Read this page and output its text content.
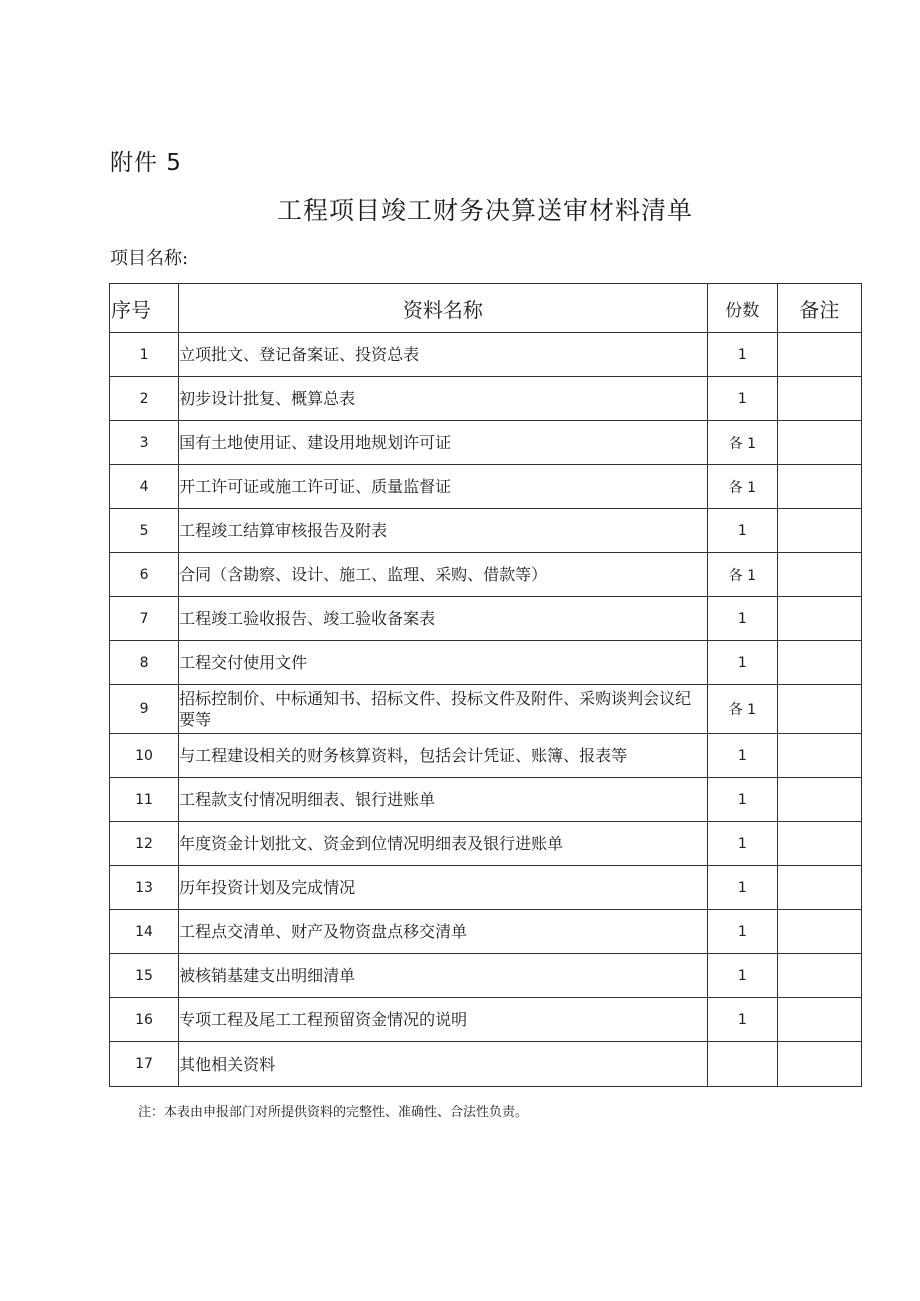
附件 5
工程项目竣工财务决算送审材料清单
项目名称:
序号	资料名称	份数	备注
1	立项批文、登记备案证、投资总表	1	
2	初步设计批复、概算总表	1	
3	国有土地使用证、建设用地规划许可证	各 1	
4	开工许可证或施工许可证、质量监督证	各 1	
5	工程竣工结算审核报告及附表	1	
6	合同（含勘察、设计、施工、监理、采购、借款等）	各 1	
7	工程竣工验收报告、竣工验收备案表	1	
8	工程交付使用文件	1	
9	招标控制价、中标通知书、招标文件、投标文件及附件、采购谈判会议纪要等	各 1	
10	与工程建设相关的财务核算资料，包括会计凭证、账簿、报表等	1	
11	工程款支付情况明细表、银行进账单	1	
12	年度资金计划批文、资金到位情况明细表及银行进账单	1	
13	历年投资计划及完成情况	1	
14	工程点交清单、财产及物资盘点移交清单	1	
15	被核销基建支出明细清单	1	
16	专项工程及尾工工程预留资金情况的说明	1	
17	其他相关资料		
注：本表由申报部门对所提供资料的完整性、准确性、合法性负责。
